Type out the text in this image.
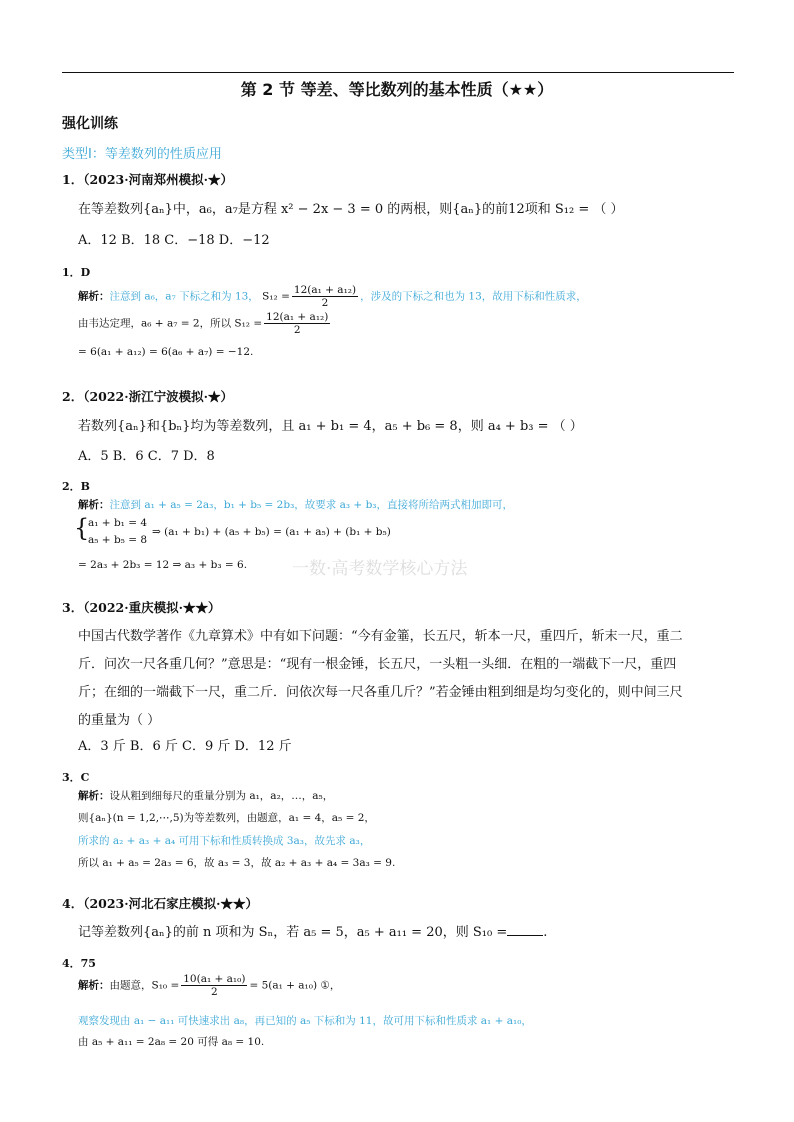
第 2 节 等差、等比数列的基本性质（★★）
强化训练
类型Ⅰ：等差数列的性质应用
1．（2023·河南郑州模拟·★）
在等差数列{aₙ}中，a₆，a₇是方程 x² − 2x − 3 = 0 的两根，则{aₙ}的前12项和 S₁₂ = （ ）
A．12 B．18 C．−18 D．−12
1．D
解析：注意到 a₆，a₇ 下标之和为 13， $S_{12} = \frac{\text{12(a₁ + a₁₂)}}{2}$ ，涉及的下标之和也为 13，故用下标和性质求，
由韦达定理，a₆ + a₇ = 2，所以 $S_{12} = \frac{\text{12(a₁ + a₁₂)}}{2}$
= 6(a₁ + a₁₂) = 6(a₆ + a₇) = −12.
2．（2022·浙江宁波模拟·★）
若数列{aₙ}和{bₙ}均为等差数列，且 a₁ + b₁ = 4，a₅ + b₆ = 8，则 a₄ + b₃ = （ ）
A．5 B．6 C．7 D．8
2．B
解析：注意到 a₁ + a₅ = 2a₃，b₁ + b₅ = 2b₃，故要求 a₃ + b₃，直接将所给两式相加即可，
{
a₁ + b₁ = 4
a₅ + b₅ = 8
⇒ (a₁ + b₁) + (a₅ + b₅) = (a₁ + a₅) + (b₁ + b₅)
= 2a₃ + 2b₃ = 12 ⇒ a₃ + b₃ = 6.	一数·高考数学核心方法
3．（2022·重庆模拟·★★）
中国古代数学著作《九章算术》中有如下问题：“今有金箠，长五尺，斩本一尺，重四斤，斩末一尺，重二
斤．问次一尺各重几何？”意思是：“现有一根金锤，长五尺，一头粗一头细．在粗的一端截下一尺，重四
斤；在细的一端截下一尺，重二斤．问依次每一尺各重几斤？”若金锤由粗到细是均匀变化的，则中间三尺
的重量为（ ）
A．3 斤 B．6 斤 C．9 斤 D．12 斤
3．C
解析：设从粗到细每尺的重量分别为 a₁，a₂，…，a₅，
则{aₙ}(n = 1,2,⋯,5)为等差数列，由题意，a₁ = 4，a₅ = 2，
所求的 a₂ + a₃ + a₄ 可用下标和性质转换成 3a₃，故先求 a₃，
所以 a₁ + a₅ = 2a₃ = 6，故 a₃ = 3，故 a₂ + a₃ + a₄ = 3a₃ = 9.
4．（2023·河北石家庄模拟·★★）
记等差数列{aₙ}的前 n 项和为 Sₙ，若 a₅ = 5，a₅ + a₁₁ = 20，则 S₁₀ =	.
4．75
解析：由题意，$S_{10} = \frac{\text{10(a₁ + a₁₀)}}{2} = 5(a_1 + a_{10})$ ①，
观察发现由 a₁ − a₁₁ 可快速求出 a₈，再已知的 a₅ 下标和为 11，故可用下标和性质求 a₁ + a₁₀，
由 a₅ + a₁₁ = 2a₈ = 20 可得 a₈ = 10.
